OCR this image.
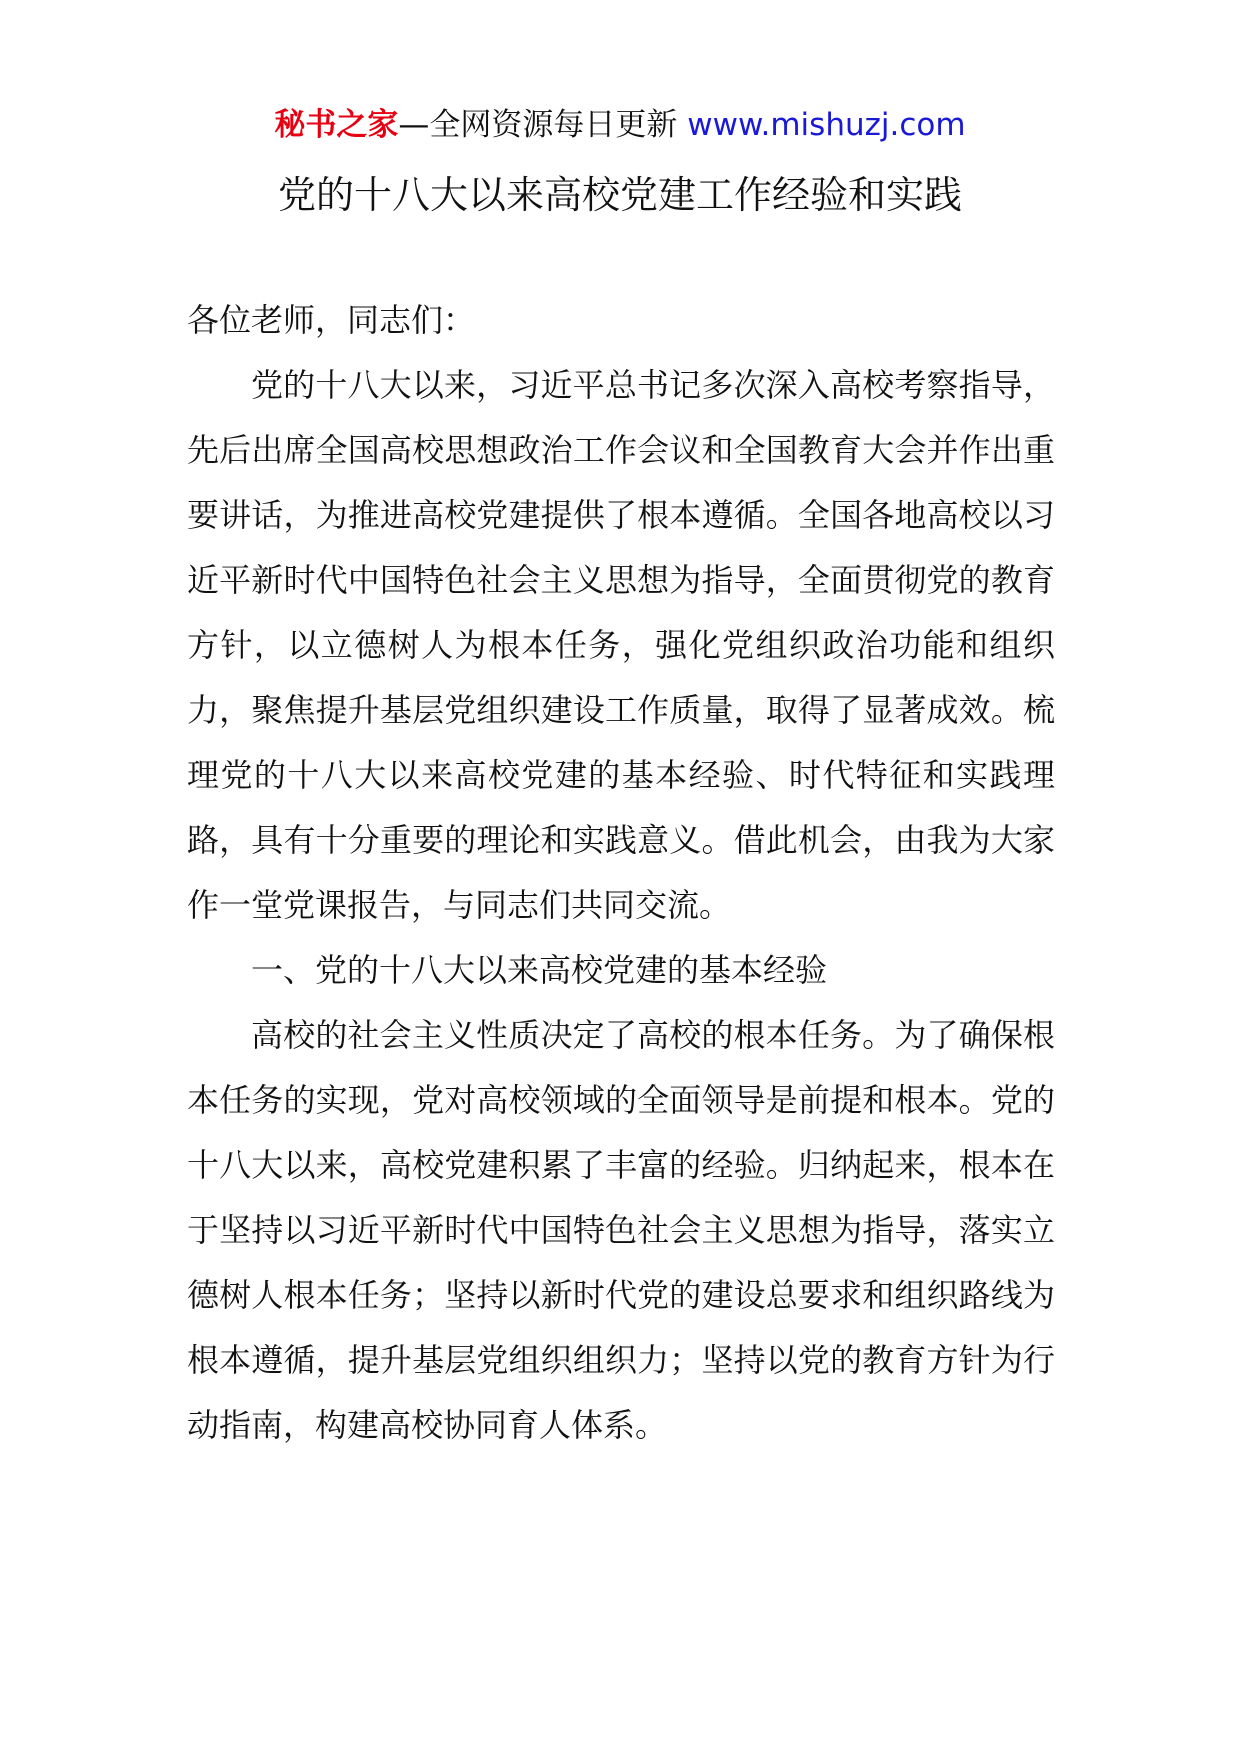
秘书之家—全网资源每日更新 www.mishuzj.com
党的十八大以来高校党建工作经验和实践

各位老师，同志们：

党的十八大以来，习近平总书记多次深入高校考察指导，先后出席全国高校思想政治工作会议和全国教育大会并作出重要讲话，为推进高校党建提供了根本遵循。全国各地高校以习近平新时代中国特色社会主义思想为指导，全面贯彻党的教育方针，以立德树人为根本任务，强化党组织政治功能和组织力，聚焦提升基层党组织建设工作质量，取得了显著成效。梳理党的十八大以来高校党建的基本经验、时代特征和实践理路，具有十分重要的理论和实践意义。借此机会，由我为大家作一堂党课报告，与同志们共同交流。

一、党的十八大以来高校党建的基本经验

高校的社会主义性质决定了高校的根本任务。为了确保根本任务的实现，党对高校领域的全面领导是前提和根本。党的十八大以来，高校党建积累了丰富的经验。归纳起来，根本在于坚持以习近平新时代中国特色社会主义思想为指导，落实立德树人根本任务；坚持以新时代党的建设总要求和组织路线为根本遵循，提升基层党组织组织力；坚持以党的教育方针为行动指南，构建高校协同育人体系。
